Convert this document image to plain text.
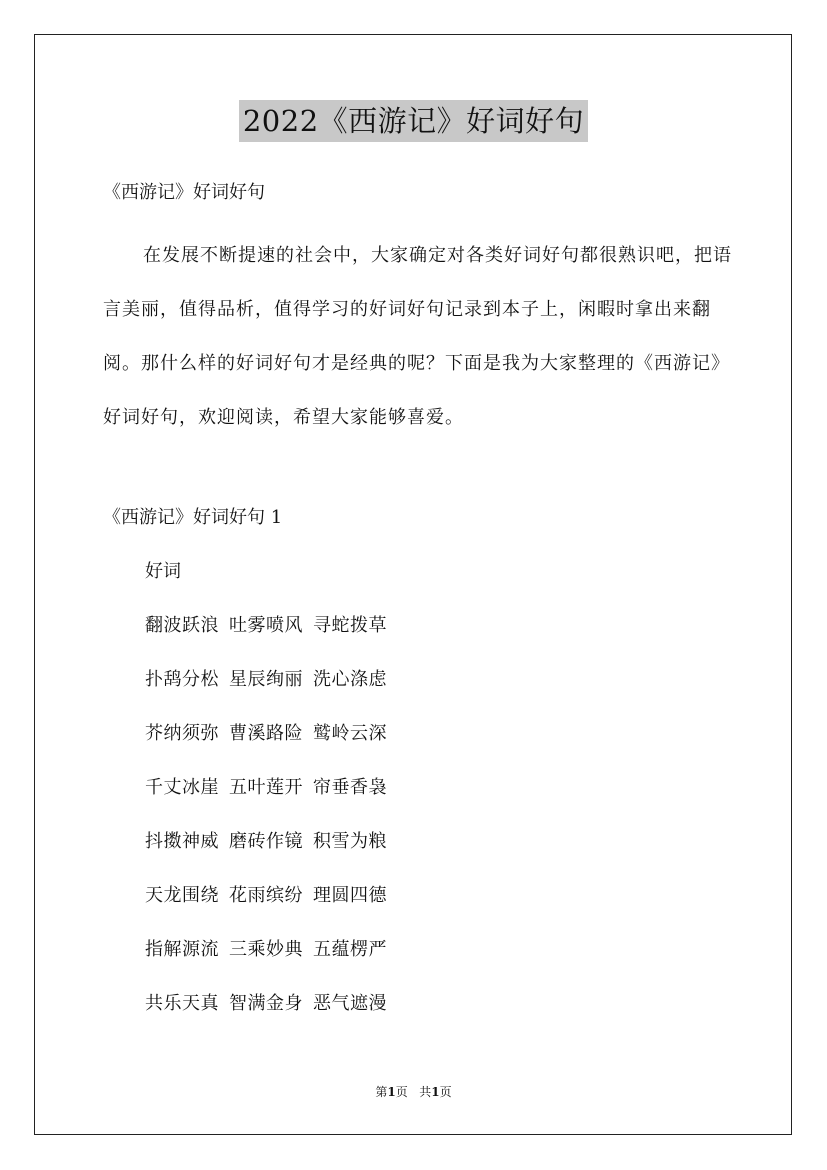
2022《西游记》好词好句
《西游记》好词好句
在发展不断提速的社会中，大家确定对各类好词好句都很熟识吧，把语言美丽，值得品析，值得学习的好词好句记录到本子上，闲暇时拿出来翻阅。那什么样的好词好句才是经典的呢？下面是我为大家整理的《西游记》好词好句，欢迎阅读，希望大家能够喜爱。
《西游记》好词好句 1
好词
翻波跃浪 吐雾喷风 寻蛇拨草
扑鸹分松 星辰绚丽 洗心涤虑
芥纳须弥 曹溪路险 鹫岭云深
千丈冰崖 五叶莲开 帘垂香袅
抖擞神威 磨砖作镜 积雪为粮
天龙围绕 花雨缤纷 理圆四德
指解源流 三乘妙典 五蕴楞严
共乐天真 智满金身 恶气遮漫
第1页 共1页
